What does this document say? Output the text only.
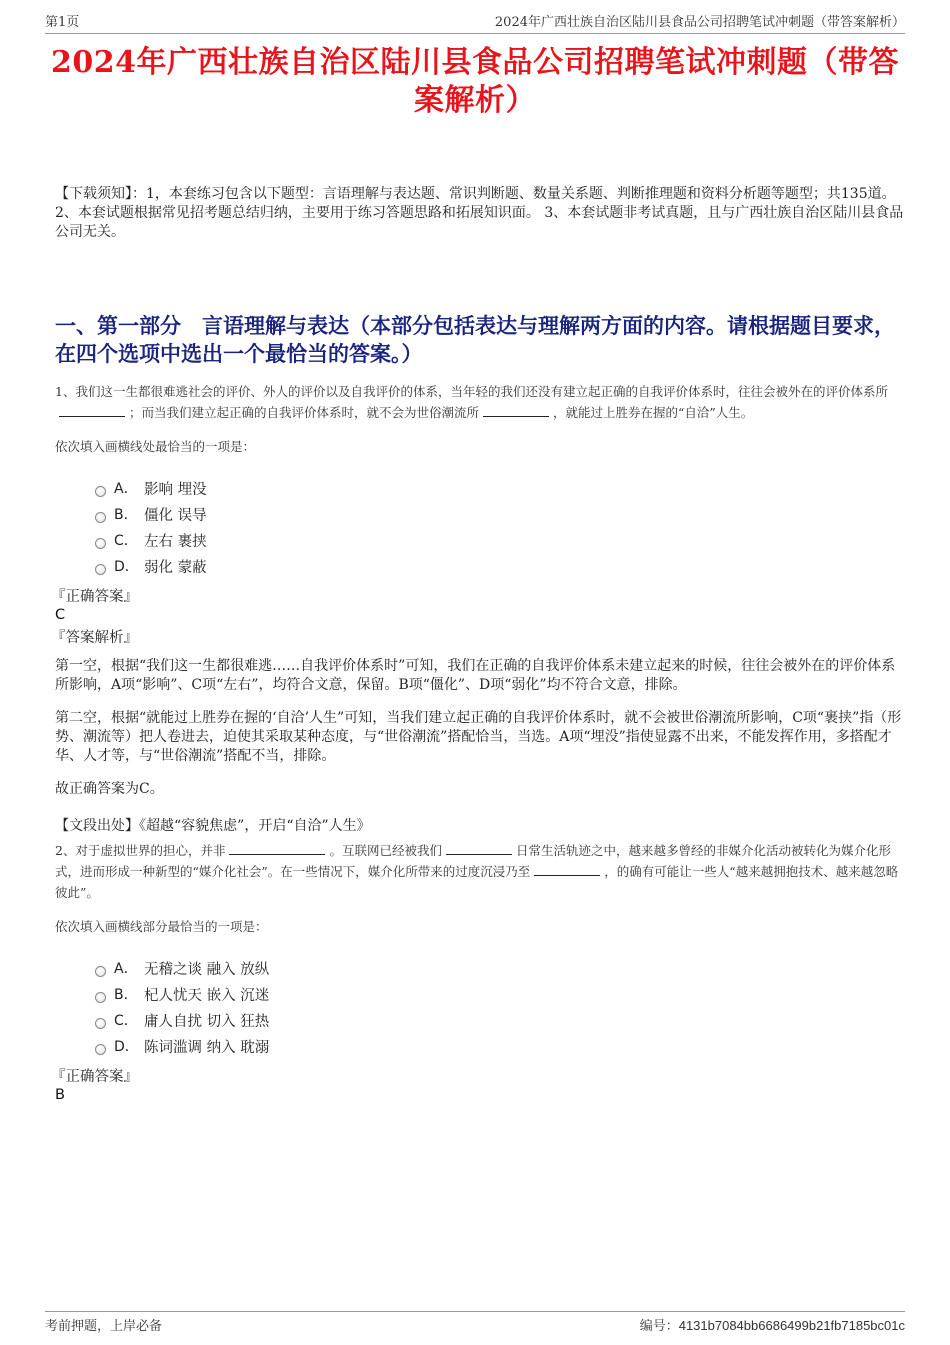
第1页	2024年广西壮族自治区陆川县食品公司招聘笔试冲刺题（带答案解析）
2024年广西壮族自治区陆川县食品公司招聘笔试冲刺题（带答案解析）

【下载须知】：1，本套练习包含以下题型：言语理解与表达题、常识判断题、数量关系题、判断推理题和资料分析题等题型；共135道。 2、本套试题根据常见招考题总结归纳，主要用于练习答题思路和拓展知识面。 3、本套试题非考试真题，且与广西壮族自治区陆川县食品公司无关。

一、第一部分　言语理解与表达（本部分包括表达与理解两方面的内容。请根据题目要求，在四个选项中选出一个最恰当的答案。）

1、我们这一生都很难逃社会的评价、外人的评价以及自我评价的体系，当年轻的我们还没有建立起正确的自我评价体系时，往往会被外在的评价体系所；而当我们建立起正确的自我评价体系时，就不会为世俗潮流所	，就能过上胜券在握的“自洽”人生。

依次填入画横线处最恰当的一项是：

A． 影响 埋没
B． 僵化 误导
C． 左右 裹挟
D． 弱化 蒙蔽
『正确答案』
C
『答案解析』

第一空，根据“我们这一生都很难逃……自我评价体系时”可知，我们在正确的自我评价体系未建立起来的时候，往往会被外在的评价体系所影响，A项“影响”、C项“左右”，均符合文意，保留。B项“僵化”、D项“弱化”均不符合文意，排除。

第二空，根据“就能过上胜券在握的‘自洽’人生”可知，当我们建立起正确的自我评价体系时，就不会被世俗潮流所影响，C项“裹挟”指（形势、潮流等）把人卷进去，迫使其采取某种态度，与“世俗潮流”搭配恰当，当选。A项“埋没”指使显露不出来，不能发挥作用，多搭配才华、人才等，与“世俗潮流”搭配不当，排除。

故正确答案为C。

【文段出处】《超越“容貌焦虑”，开启“自洽”人生》

2、对于虚拟世界的担心，并非	。互联网已经被我们	日常生活轨迹之中，越来越多曾经的非媒介化活动被转化为媒介化形式，进而形成一种新型的“媒介化社会”。在一些情况下，媒介化所带来的过度沉浸乃至	，的确有可能让一些人“越来越拥抱技术、越来越忽略彼此”。

依次填入画横线部分最恰当的一项是：

A． 无稽之谈 融入 放纵
B． 杞人忧天 嵌入 沉迷
C． 庸人自扰 切入 狂热
D． 陈词滥调 纳入 耽溺
『正确答案』
B
考前押题，上岸必备	编号：4131b7084bb6686499b21fb7185bc01c
